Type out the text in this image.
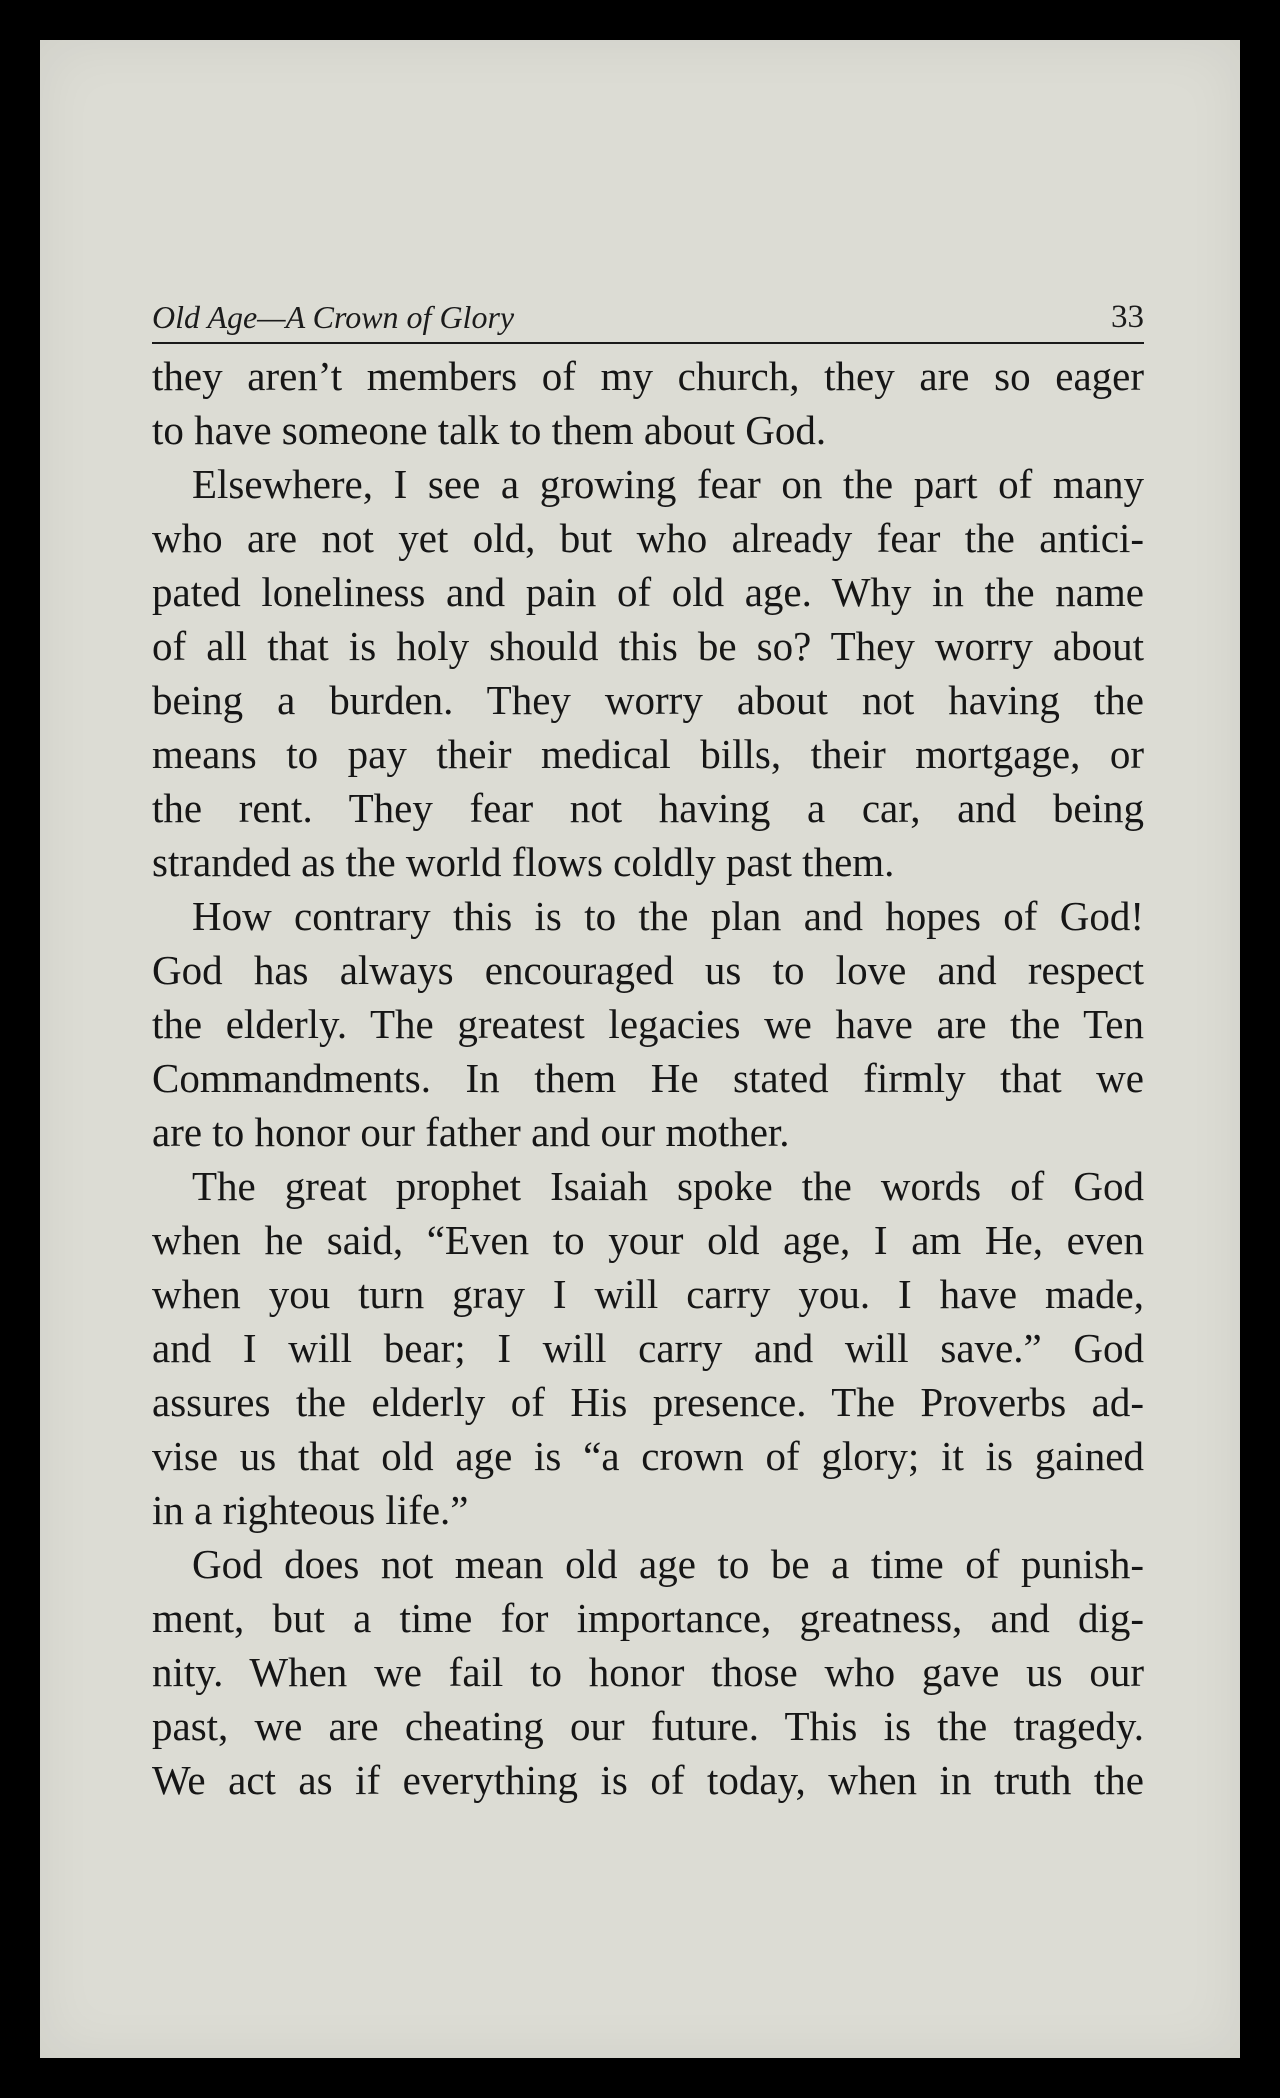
Old Age—A Crown of Glory	33
they aren’t members of my church, they are so eager
to have someone talk to them about God.
Elsewhere, I see a growing fear on the part of many
who are not yet old, but who already fear the antici-
pated loneliness and pain of old age. Why in the name
of all that is holy should this be so? They worry about
being a burden. They worry about not having the
means to pay their medical bills, their mortgage, or
the rent. They fear not having a car, and being
stranded as the world flows coldly past them.
How contrary this is to the plan and hopes of God!
God has always encouraged us to love and respect
the elderly. The greatest legacies we have are the Ten
Commandments. In them He stated firmly that we
are to honor our father and our mother.
The great prophet Isaiah spoke the words of God
when he said, “Even to your old age, I am He, even
when you turn gray I will carry you. I have made,
and I will bear; I will carry and will save.” God
assures the elderly of His presence. The Proverbs ad-
vise us that old age is “a crown of glory; it is gained
in a righteous life.”
God does not mean old age to be a time of punish-
ment, but a time for importance, greatness, and dig-
nity. When we fail to honor those who gave us our
past, we are cheating our future. This is the tragedy.
We act as if everything is of today, when in truth the
